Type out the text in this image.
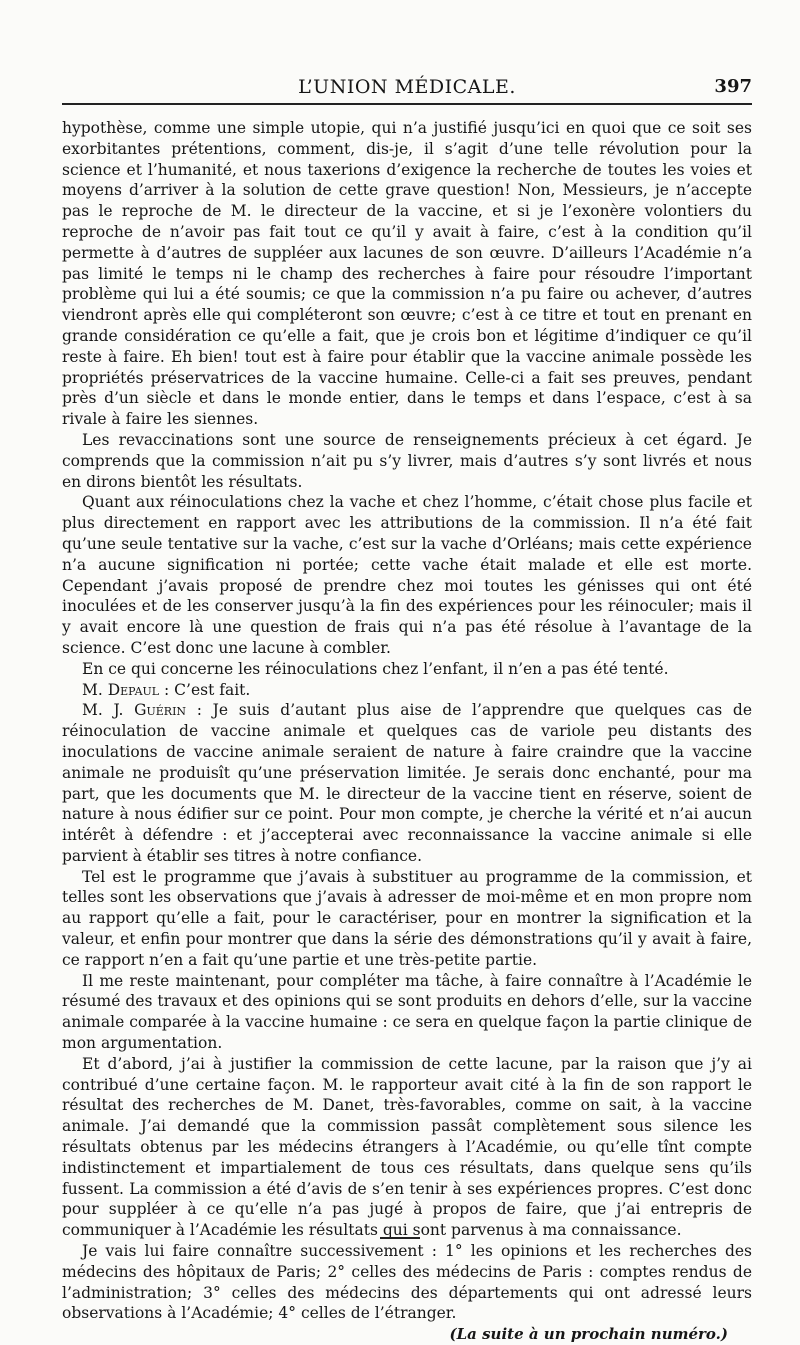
L’UNION MÉDICALE.	397

hypothèse, comme une simple utopie, qui n’a justifié jusqu’ici en quoi que ce soit ses exorbitantes prétentions, comment, dis-je, il s’agit d’une telle révolution pour la science et l’humanité, et nous taxerions d’exigence la recherche de toutes les voies et moyens d’arriver à la solution de cette grave question! Non, Messieurs, je n’accepte pas le reproche de M. le directeur de la vaccine, et si je l’exonère volontiers du reproche de n’avoir pas fait tout ce qu’il y avait à faire, c’est à la condition qu’il permette à d’autres de suppléer aux lacunes de son œuvre. D’ailleurs l’Académie n’a pas limité le temps ni le champ des recherches à faire pour résoudre l’important problème qui lui a été soumis; ce que la commission n’a pu faire ou achever, d’autres viendront après elle qui compléteront son œuvre; c’est à ce titre et tout en prenant en grande considération ce qu’elle a fait, que je crois bon et légitime d’indiquer ce qu’il reste à faire. Eh bien! tout est à faire pour établir que la vaccine animale possède les propriétés préservatrices de la vaccine humaine. Celle-ci a fait ses preuves, pendant près d’un siècle et dans le monde entier, dans le temps et dans l’espace, c’est à sa rivale à faire les siennes.

Les revaccinations sont une source de renseignements précieux à cet égard. Je comprends que la commission n’ait pu s’y livrer, mais d’autres s’y sont livrés et nous en dirons bientôt les résultats.

Quant aux réinoculations chez la vache et chez l’homme, c’était chose plus facile et plus directement en rapport avec les attributions de la commission. Il n’a été fait qu’une seule tentative sur la vache, c’est sur la vache d’Orléans; mais cette expérience n’a aucune signification ni portée; cette vache était malade et elle est morte. Cependant j’avais proposé de prendre chez moi toutes les génisses qui ont été inoculées et de les conserver jusqu’à la fin des expériences pour les réinoculer; mais il y avait encore là une question de frais qui n’a pas été résolue à l’avantage de la science. C’est donc une lacune à combler.

En ce qui concerne les réinoculations chez l’enfant, il n’en a pas été tenté.

M. Depaul : C’est fait.

M. J. Guérin : Je suis d’autant plus aise de l’apprendre que quelques cas de réinoculation de vaccine animale et quelques cas de variole peu distants des inoculations de vaccine animale seraient de nature à faire craindre que la vaccine animale ne produisît qu’une préservation limitée. Je serais donc enchanté, pour ma part, que les documents que M. le directeur de la vaccine tient en réserve, soient de nature à nous édifier sur ce point. Pour mon compte, je cherche la vérité et n’ai aucun intérêt à défendre : et j’accepterai avec reconnaissance la vaccine animale si elle parvient à établir ses titres à notre confiance.

Tel est le programme que j’avais à substituer au programme de la commission, et telles sont les observations que j’avais à adresser de moi-même et en mon propre nom au rapport qu’elle a fait, pour le caractériser, pour en montrer la signification et la valeur, et enfin pour montrer que dans la série des démonstrations qu’il y avait à faire, ce rapport n’en a fait qu’une partie et une très-petite partie.

Il me reste maintenant, pour compléter ma tâche, à faire connaître à l’Académie le résumé des travaux et des opinions qui se sont produits en dehors d’elle, sur la vaccine animale comparée à la vaccine humaine : ce sera en quelque façon la partie clinique de mon argumentation.

Et d’abord, j’ai à justifier la commission de cette lacune, par la raison que j’y ai contribué d’une certaine façon. M. le rapporteur avait cité à la fin de son rapport le résultat des recherches de M. Danet, très-favorables, comme on sait, à la vaccine animale. J’ai demandé que la commission passât complètement sous silence les résultats obtenus par les médecins étrangers à l’Académie, ou qu’elle tînt compte indistinctement et impartialement de tous ces résultats, dans quelque sens qu’ils fussent. La commission a été d’avis de s’en tenir à ses expériences propres. C’est donc pour suppléer à ce qu’elle n’a pas jugé à propos de faire, que j’ai entrepris de communiquer à l’Académie les résultats qui sont parvenus à ma connaissance.

Je vais lui faire connaître successivement : 1° les opinions et les recherches des médecins des hôpitaux de Paris; 2° celles des médecins de Paris : comptes rendus de l’administration; 3° celles des médecins des départements qui ont adressé leurs observations à l’Académie; 4° celles de l’étranger.

(La suite à un prochain numéro.)
